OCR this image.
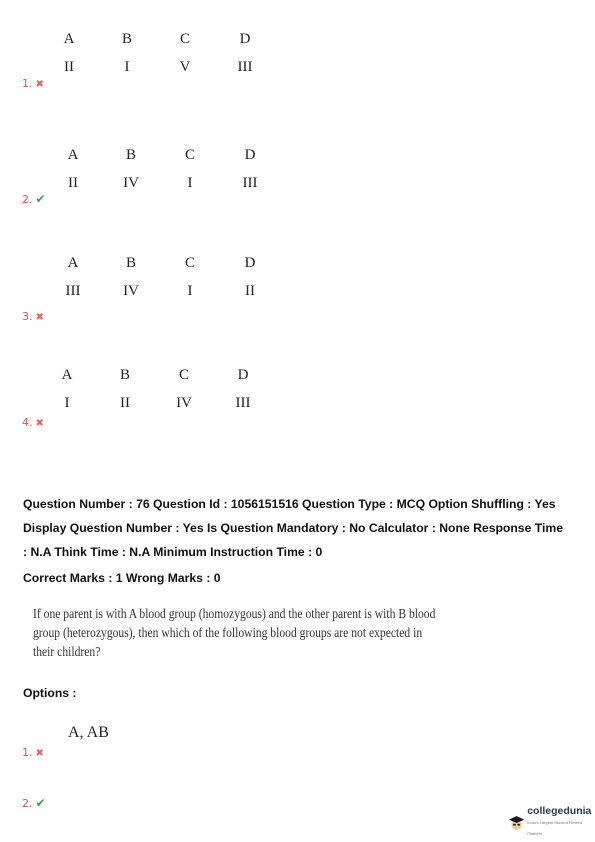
A	B	C	D
II	I	V	III
1. ✖
A	B	C	D
II	IV	I	III
2. ✔
A	B	C	D
III	IV	I	II
3. ✖
A	B	C	D
I	II	IV	III
4. ✖
Question Number : 76 Question Id : 1056151516 Question Type : MCQ Option Shuffling : Yes
Display Question Number : Yes Is Question Mandatory : No Calculator : None Response Time
: N.A Think Time : N.A Minimum Instruction Time : 0
Correct Marks : 1 Wrong Marks : 0
If one parent is with A blood group (homozygous) and the other parent is with B blood
group (heterozygous), then which of the following blood groups are not expected in
their children?
Options :
A, AB
1. ✖
2. ✔
collegedunia
India's Largest Student Review Platform
